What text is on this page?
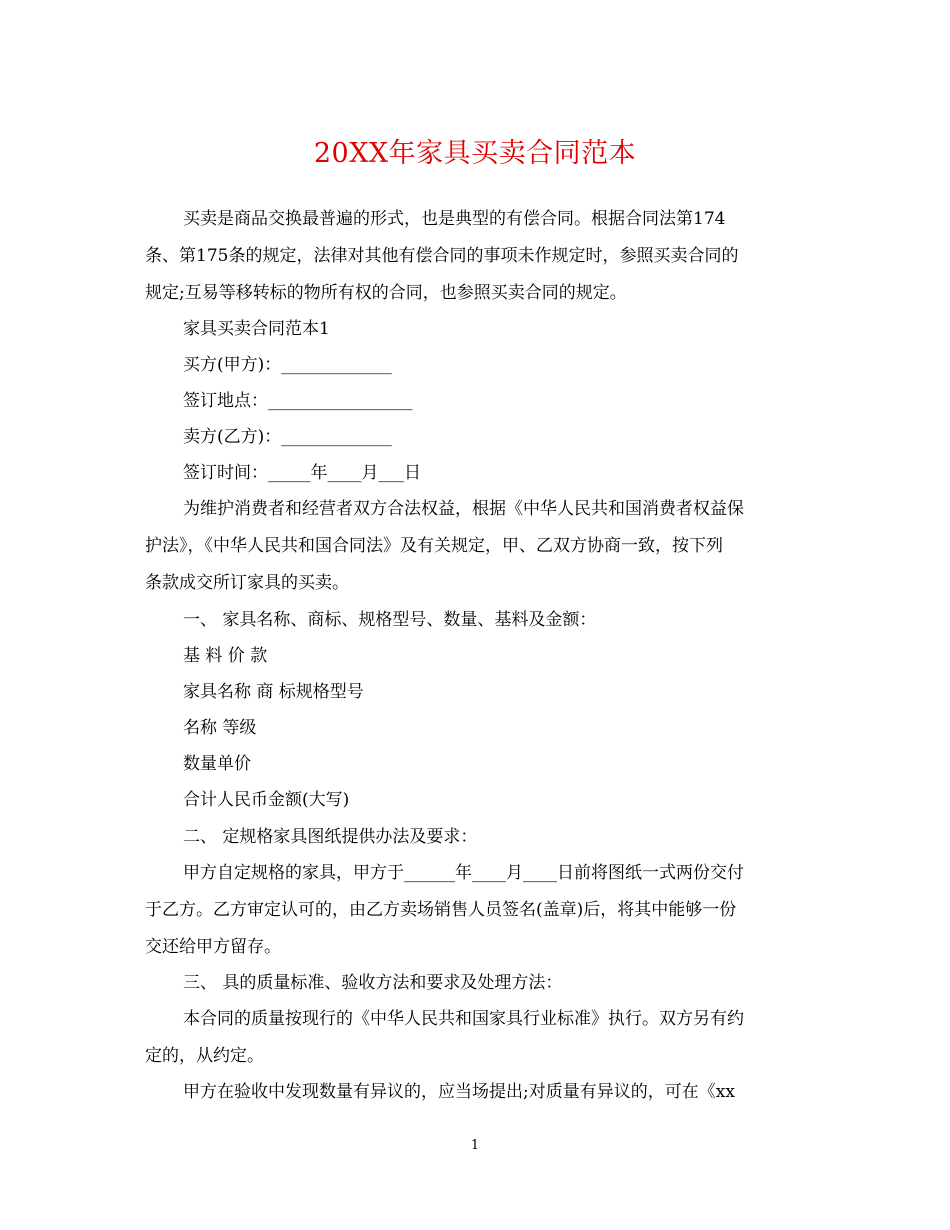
20XX年家具买卖合同范本
买卖是商品交换最普遍的形式，也是典型的有偿合同。根据合同法第174
条、第175条的规定，法律对其他有偿合同的事项未作规定时，参照买卖合同的
规定;互易等移转标的物所有权的合同，也参照买卖合同的规定。
家具买卖合同范本1
买方(甲方)：_____________
签订地点：_________________
卖方(乙方)：_____________
签订时间：_____年____月___日
为维护消费者和经营者双方合法权益，根据《中华人民共和国消费者权益保
护法》，《中华人民共和国合同法》及有关规定，甲、乙双方协商一致，按下列
条款成交所订家具的买卖。
一、 家具名称、商标、规格型号、数量、基料及金额：
基 料 价 款
家具名称 商 标规格型号
名称 等级
数量单价
合计人民币金额(大写)
二、 定规格家具图纸提供办法及要求：
甲方自定规格的家具，甲方于______年____月____日前将图纸一式两份交付
于乙方。乙方审定认可的，由乙方卖场销售人员签名(盖章)后，将其中能够一份
交还给甲方留存。
三、 具的质量标准、验收方法和要求及处理方法：
本合同的质量按现行的《中华人民共和国家具行业标准》执行。双方另有约
定的，从约定。
甲方在验收中发现数量有异议的，应当场提出;对质量有异议的，可在《xx
1
